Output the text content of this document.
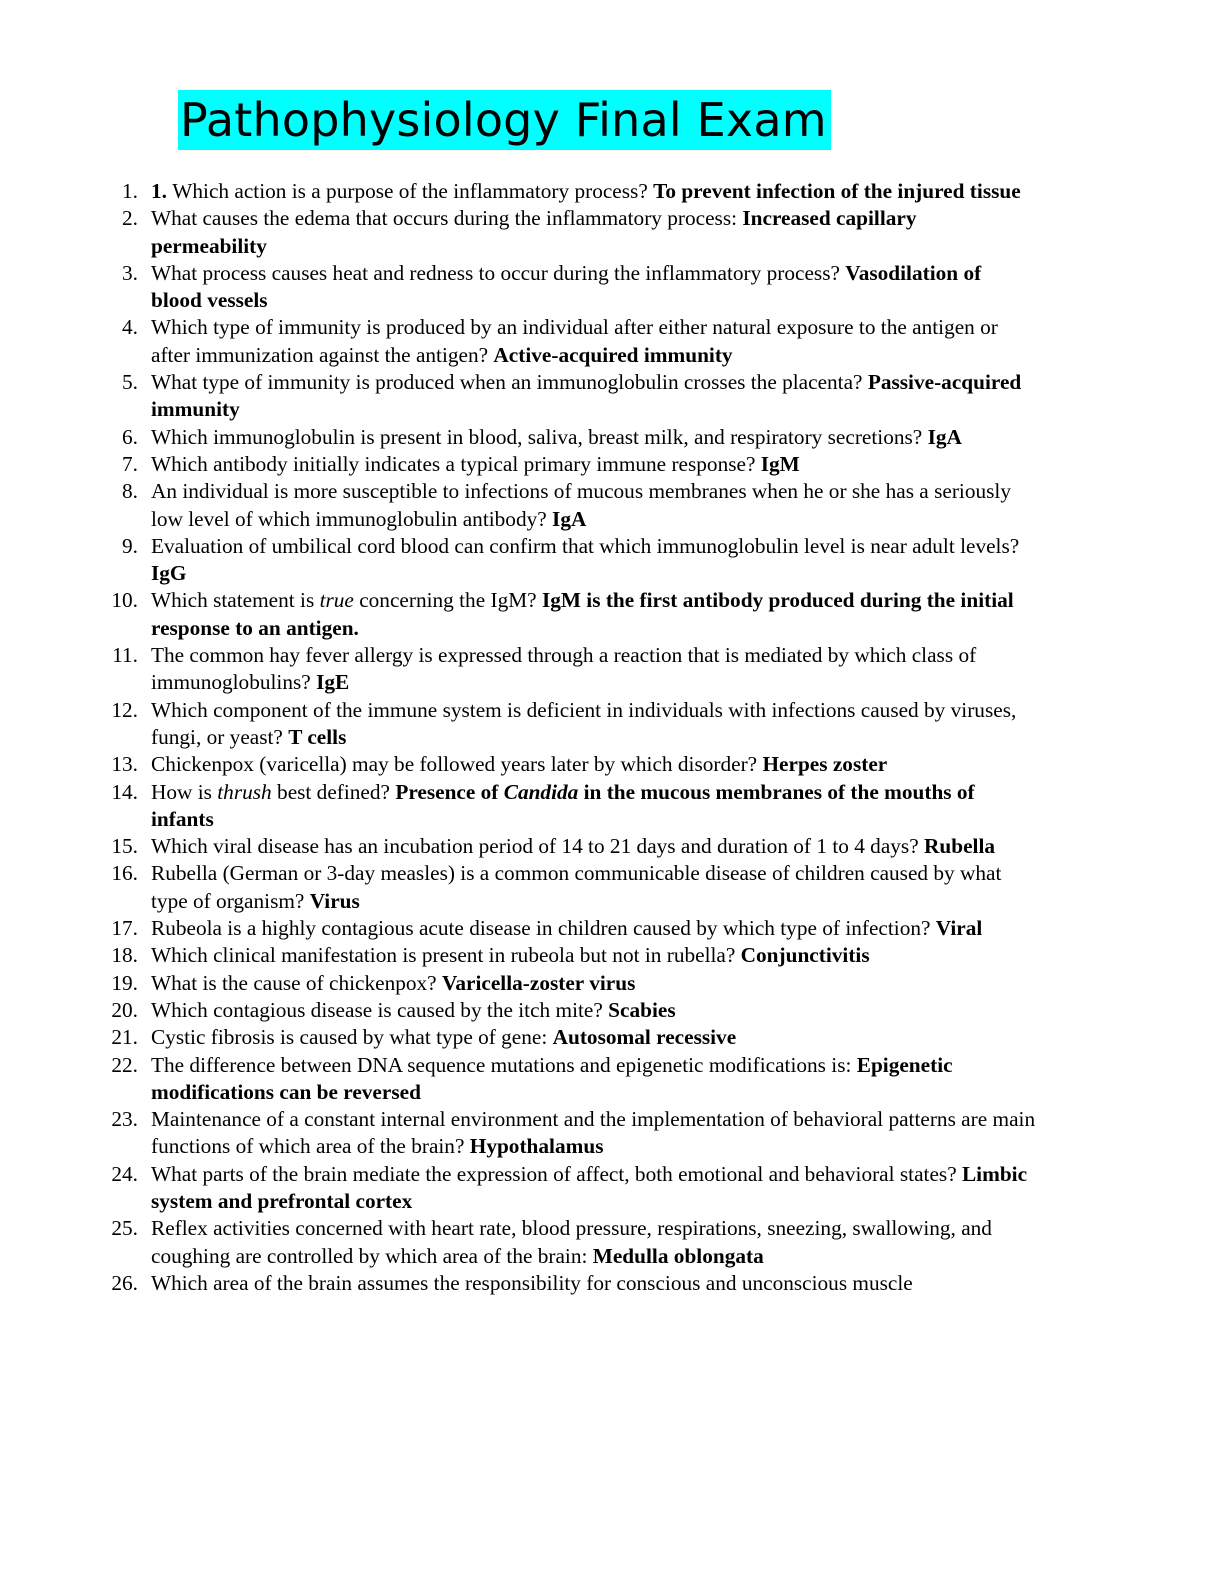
Pathophysiology Final Exam
1. 1. Which action is a purpose of the inflammatory process? To prevent infection of the injured tissue
2. What causes the edema that occurs during the inflammatory process: Increased capillary permeability
3. What process causes heat and redness to occur during the inflammatory process? Vasodilation of blood vessels
4. Which type of immunity is produced by an individual after either natural exposure to the antigen or after immunization against the antigen? Active-acquired immunity
5. What type of immunity is produced when an immunoglobulin crosses the placenta? Passive-acquired immunity
6. Which immunoglobulin is present in blood, saliva, breast milk, and respiratory secretions? IgA
7. Which antibody initially indicates a typical primary immune response? IgM
8. An individual is more susceptible to infections of mucous membranes when he or she has a seriously low level of which immunoglobulin antibody? IgA
9. Evaluation of umbilical cord blood can confirm that which immunoglobulin level is near adult levels? IgG
10. Which statement is true concerning the IgM? IgM is the first antibody produced during the initial response to an antigen.
11. The common hay fever allergy is expressed through a reaction that is mediated by which class of immunoglobulins? IgE
12. Which component of the immune system is deficient in individuals with infections caused by viruses, fungi, or yeast? T cells
13. Chickenpox (varicella) may be followed years later by which disorder? Herpes zoster
14. How is thrush best defined? Presence of Candida in the mucous membranes of the mouths of infants
15. Which viral disease has an incubation period of 14 to 21 days and duration of 1 to 4 days? Rubella
16. Rubella (German or 3-day measles) is a common communicable disease of children caused by what type of organism? Virus
17. Rubeola is a highly contagious acute disease in children caused by which type of infection? Viral
18. Which clinical manifestation is present in rubeola but not in rubella? Conjunctivitis
19. What is the cause of chickenpox? Varicella-zoster virus
20. Which contagious disease is caused by the itch mite? Scabies
21. Cystic fibrosis is caused by what type of gene: Autosomal recessive
22. The difference between DNA sequence mutations and epigenetic modifications is: Epigenetic modifications can be reversed
23. Maintenance of a constant internal environment and the implementation of behavioral patterns are main functions of which area of the brain? Hypothalamus
24. What parts of the brain mediate the expression of affect, both emotional and behavioral states? Limbic system and prefrontal cortex
25. Reflex activities concerned with heart rate, blood pressure, respirations, sneezing, swallowing, and coughing are controlled by which area of the brain: Medulla oblongata
26. Which area of the brain assumes the responsibility for conscious and unconscious muscle
